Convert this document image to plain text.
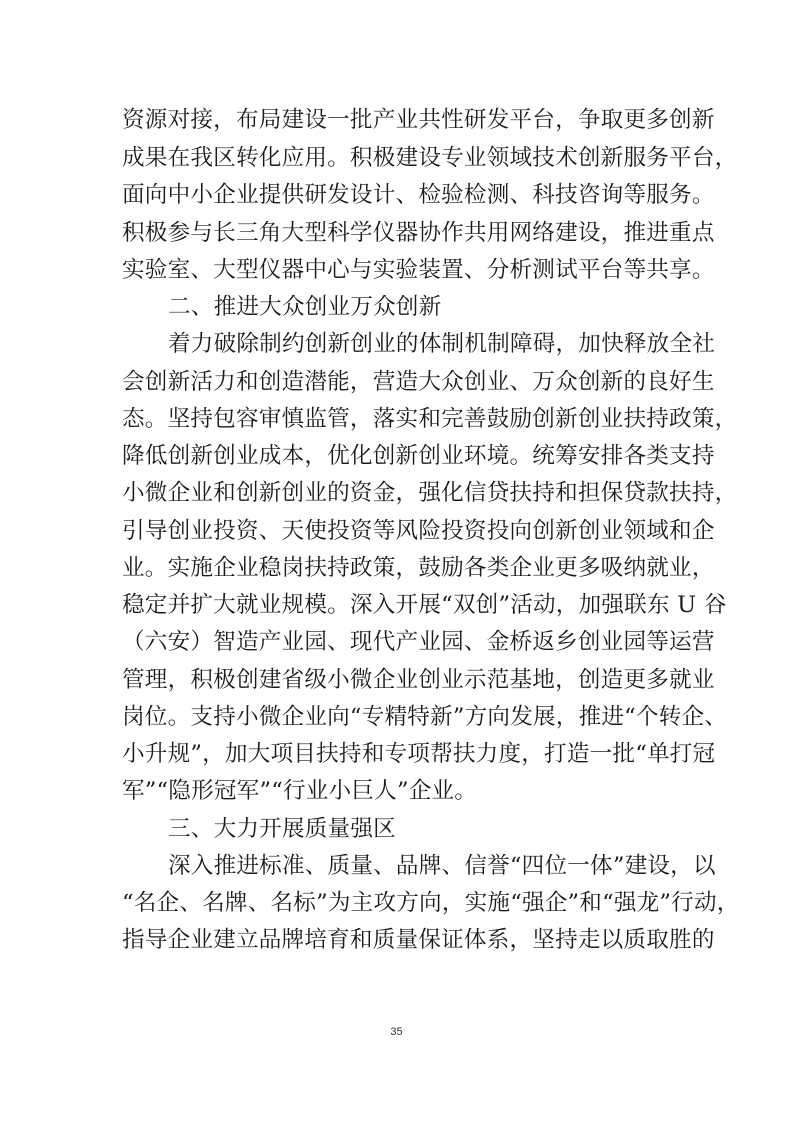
资源对接，布局建设一批产业共性研发平台，争取更多创新
成果在我区转化应用。积极建设专业领域技术创新服务平台，
面向中小企业提供研发设计、检验检测、科技咨询等服务。
积极参与长三角大型科学仪器协作共用网络建设，推进重点
实验室、大型仪器中心与实验装置、分析测试平台等共享。
二、推进大众创业万众创新
着力破除制约创新创业的体制机制障碍，加快释放全社
会创新活力和创造潜能，营造大众创业、万众创新的良好生
态。坚持包容审慎监管，落实和完善鼓励创新创业扶持政策，
降低创新创业成本，优化创新创业环境。统筹安排各类支持
小微企业和创新创业的资金，强化信贷扶持和担保贷款扶持，
引导创业投资、天使投资等风险投资投向创新创业领域和企
业。实施企业稳岗扶持政策，鼓励各类企业更多吸纳就业，
稳定并扩大就业规模。深入开展“双创”活动，加强联东 U 谷
（六安）智造产业园、现代产业园、金桥返乡创业园等运营
管理，积极创建省级小微企业创业示范基地，创造更多就业
岗位。支持小微企业向“专精特新”方向发展，推进“个转企、
小升规”，加大项目扶持和专项帮扶力度，打造一批“单打冠
军”“隐形冠军”“行业小巨人”企业。
三、大力开展质量强区
深入推进标准、质量、品牌、信誉“四位一体”建设，以
“名企、名牌、名标”为主攻方向，实施“强企”和“强龙”行动，
指导企业建立品牌培育和质量保证体系，坚持走以质取胜的
35
